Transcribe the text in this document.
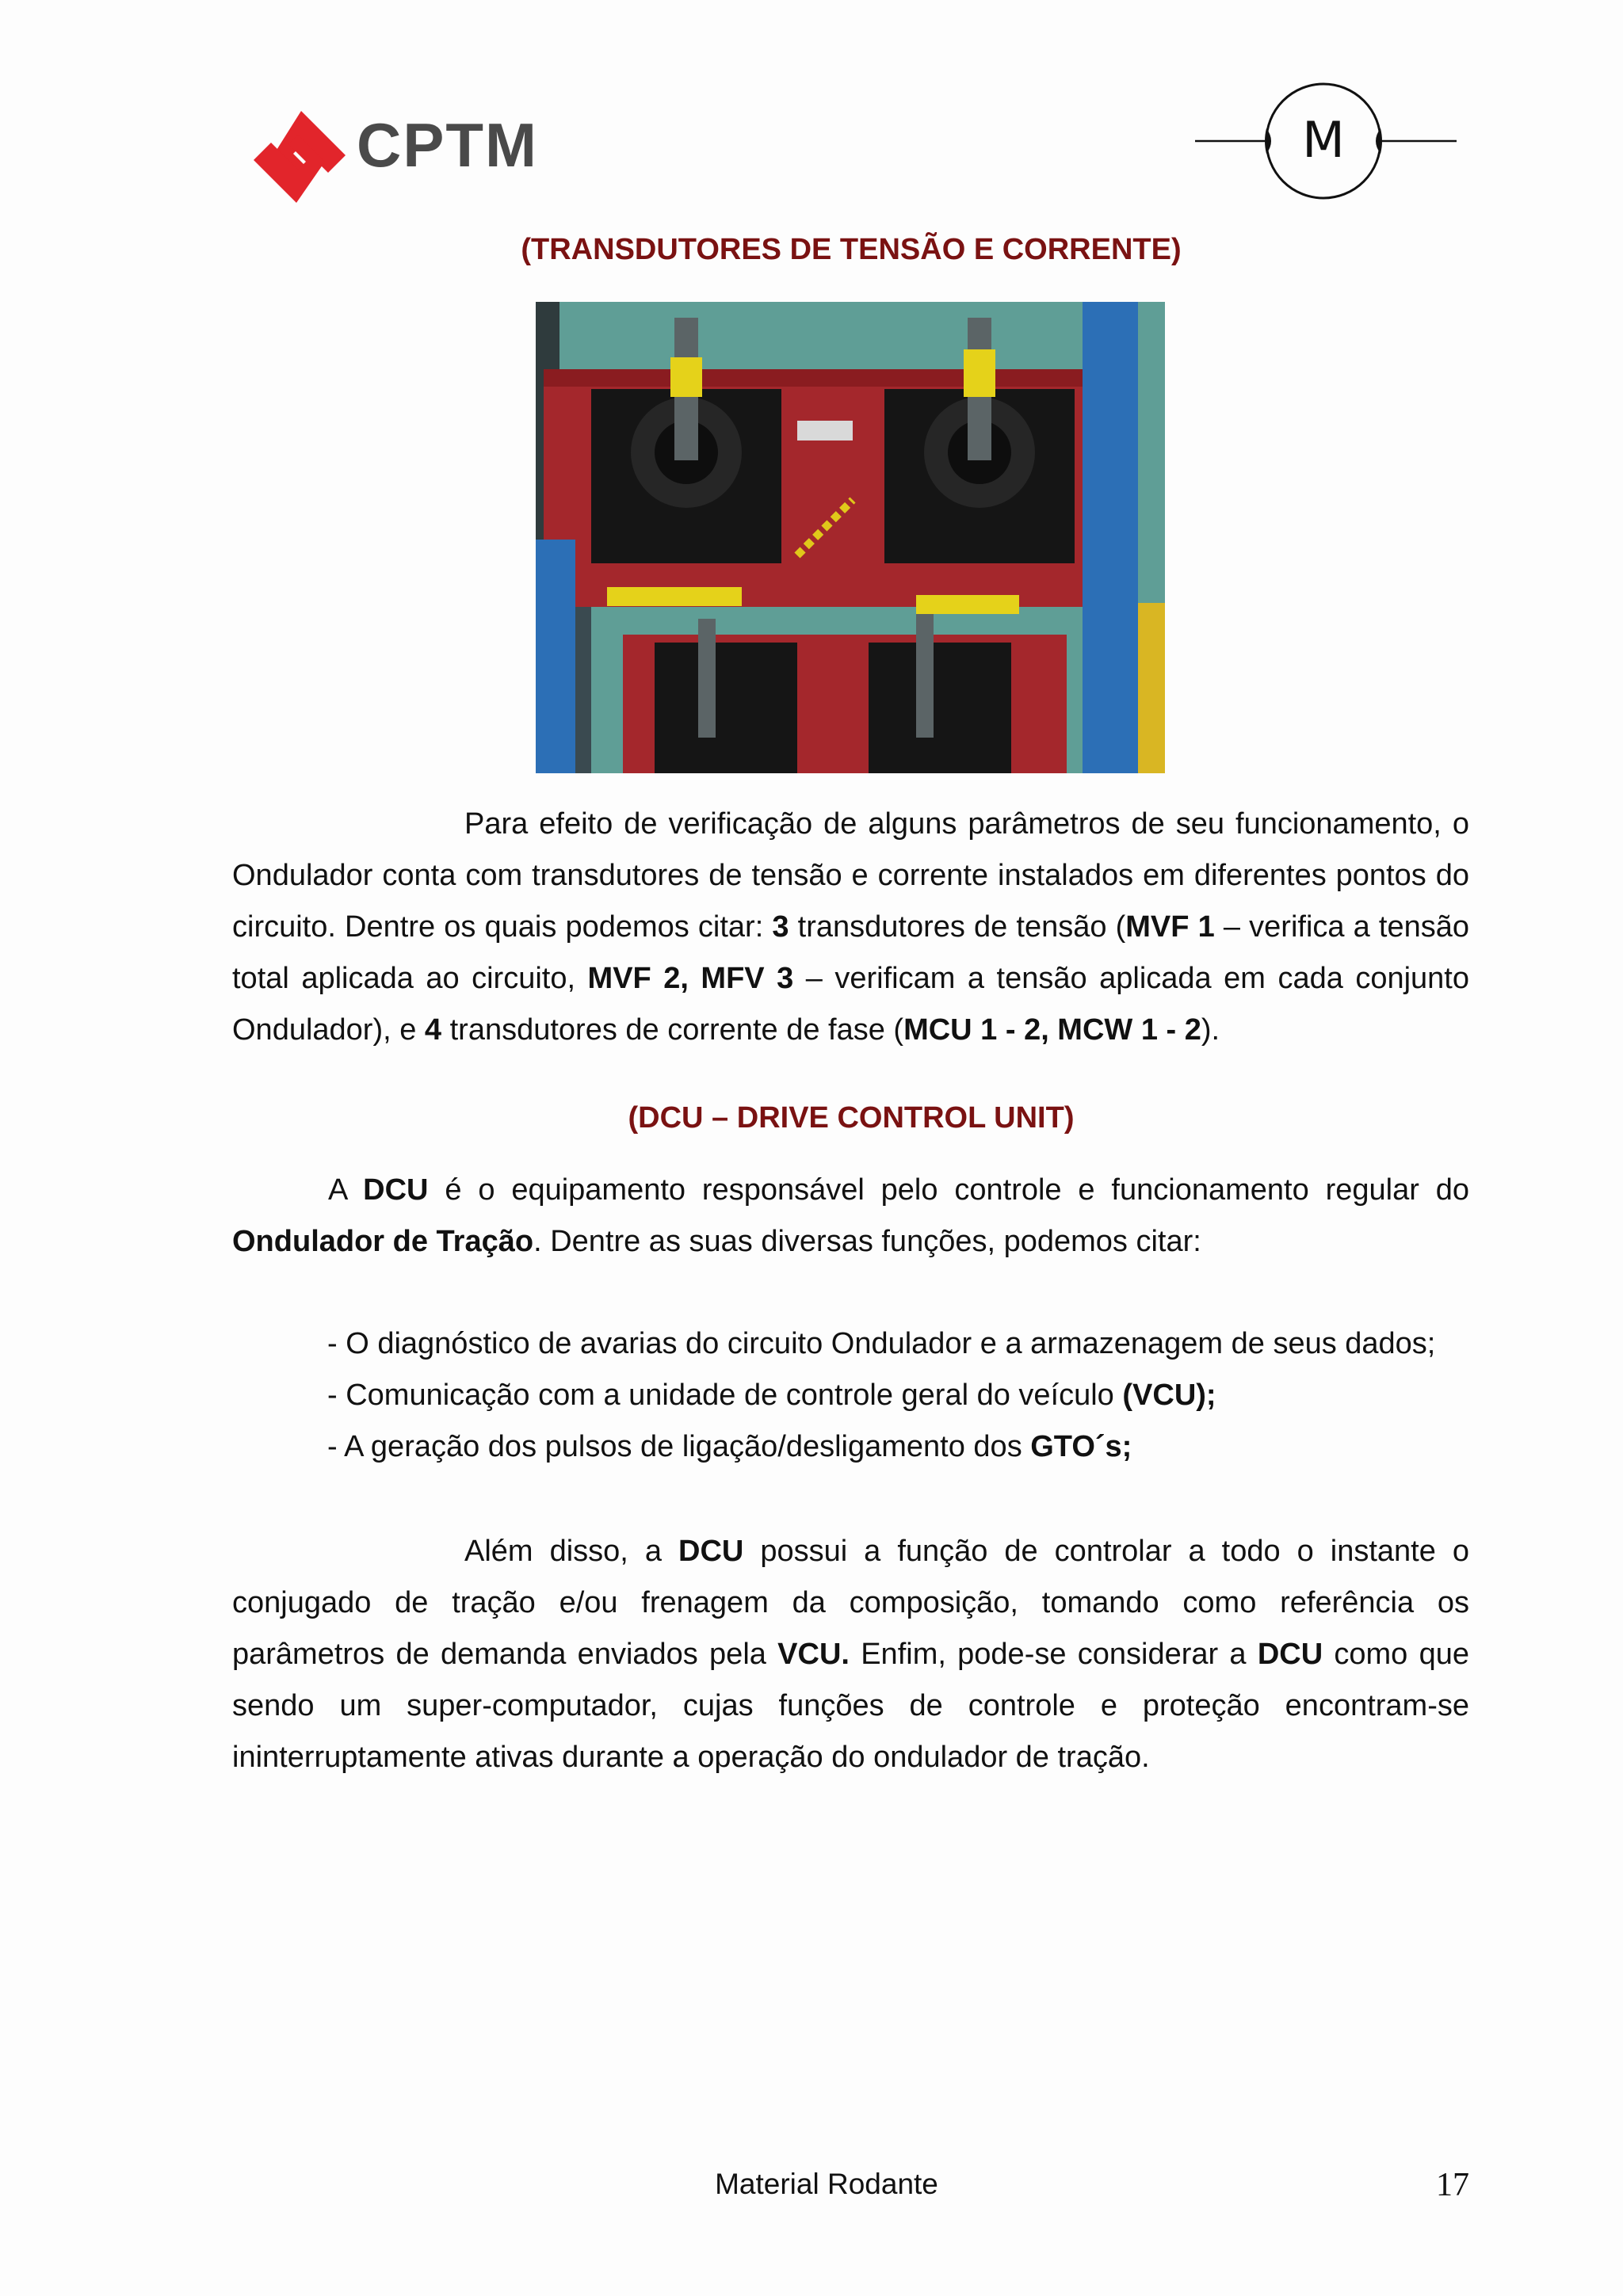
CPTM	M
(TRANSDUTORES DE TENSÃO E CORRENTE)
Para efeito de verificação de alguns parâmetros de seu funcionamento, o Ondulador conta com transdutores de tensão e corrente instalados em diferentes pontos do circuito. Dentre os quais podemos citar: 3 transdutores de tensão (MVF 1 – verifica a tensão total aplicada ao circuito, MVF 2, MFV 3 – verificam a tensão aplicada em cada conjunto Ondulador), e 4 transdutores de corrente de fase (MCU 1 - 2, MCW 1 - 2).
(DCU – DRIVE CONTROL UNIT)
A DCU é o equipamento responsável pelo controle e funcionamento regular do Ondulador de Tração. Dentre as suas diversas funções, podemos citar:
- O diagnóstico de avarias do circuito Ondulador e a armazenagem de seus dados;
- Comunicação com a unidade de controle geral do veículo (VCU);
- A geração dos pulsos de ligação/desligamento dos GTO´s;
Além disso, a DCU possui a função de controlar a todo o instante o conjugado de tração e/ou frenagem da composição, tomando como referência os parâmetros de demanda enviados pela VCU. Enfim, pode-se considerar a DCU como que sendo um super-computador, cujas funções de controle e proteção encontram-se ininterruptamente ativas durante a operação do ondulador de tração.
Material Rodante	17
